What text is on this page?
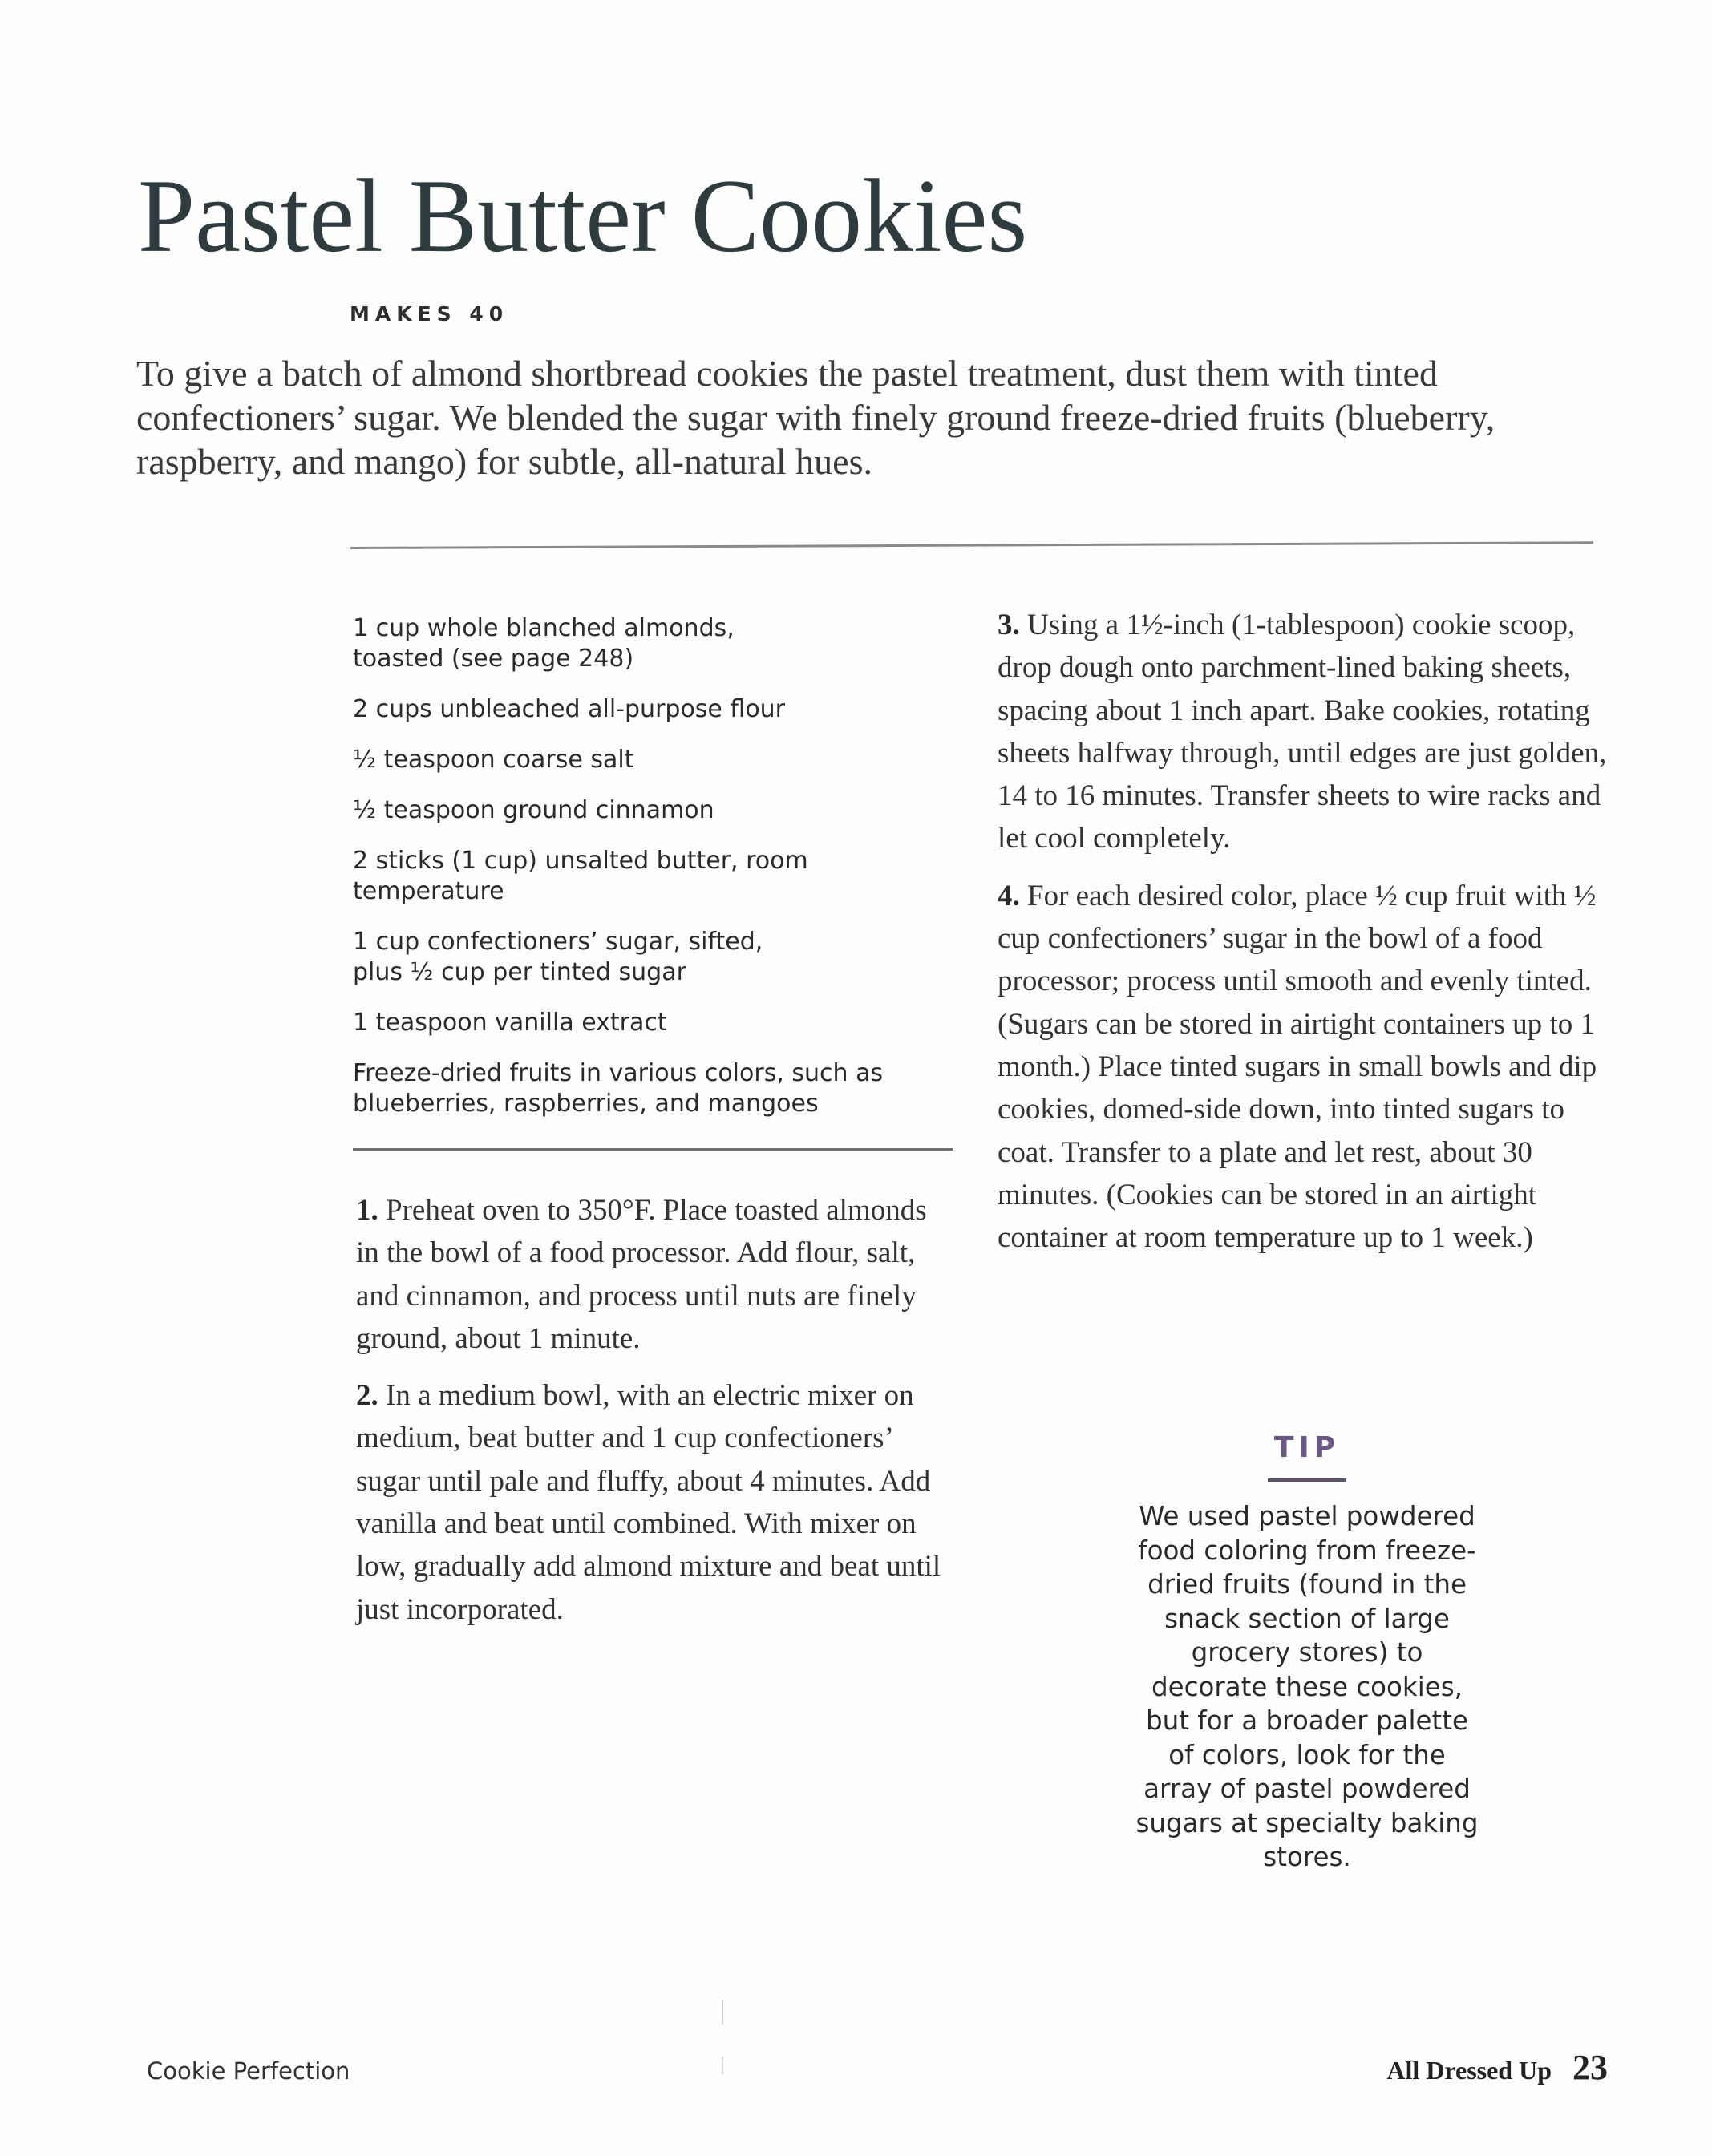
Pastel Butter Cookies
MAKES 40

To give a batch of almond shortbread cookies the pastel treatment, dust them with tinted confectioners’ sugar. We blended the sugar with finely ground freeze-dried fruits (blueberry, raspberry, and mango) for subtle, all-natural hues.

1 cup whole blanched almonds, toasted (see page 248)
2 cups unbleached all-purpose flour
½ teaspoon coarse salt
½ teaspoon ground cinnamon
2 sticks (1 cup) unsalted butter, room temperature
1 cup confectioners’ sugar, sifted, plus ½ cup per tinted sugar
1 teaspoon vanilla extract
Freeze-dried fruits in various colors, such as blueberries, raspberries, and mangoes

1. Preheat oven to 350°F. Place toasted almonds in the bowl of a food processor. Add flour, salt, and cinnamon, and process until nuts are finely ground, about 1 minute.

2. In a medium bowl, with an electric mixer on medium, beat butter and 1 cup confectioners’ sugar until pale and fluffy, about 4 minutes. Add vanilla and beat until combined. With mixer on low, gradually add almond mixture and beat until just incorporated.

3. Using a 1½-inch (1-tablespoon) cookie scoop, drop dough onto parchment-lined baking sheets, spacing about 1 inch apart. Bake cookies, rotating sheets halfway through, until edges are just golden, 14 to 16 minutes. Transfer sheets to wire racks and let cool completely.

4. For each desired color, place ½ cup fruit with ½ cup confectioners’ sugar in the bowl of a food processor; process until smooth and evenly tinted. (Sugars can be stored in airtight containers up to 1 month.) Place tinted sugars in small bowls and dip cookies, domed-side down, into tinted sugars to coat. Transfer to a plate and let rest, about 30 minutes. (Cookies can be stored in an airtight container at room temperature up to 1 week.)

TIP
We used pastel powdered food coloring from freeze-dried fruits (found in the snack section of large grocery stores) to decorate these cookies, but for a broader palette of colors, look for the array of pastel powdered sugars at specialty baking stores.
Cookie Perfection	All Dressed Up 23
